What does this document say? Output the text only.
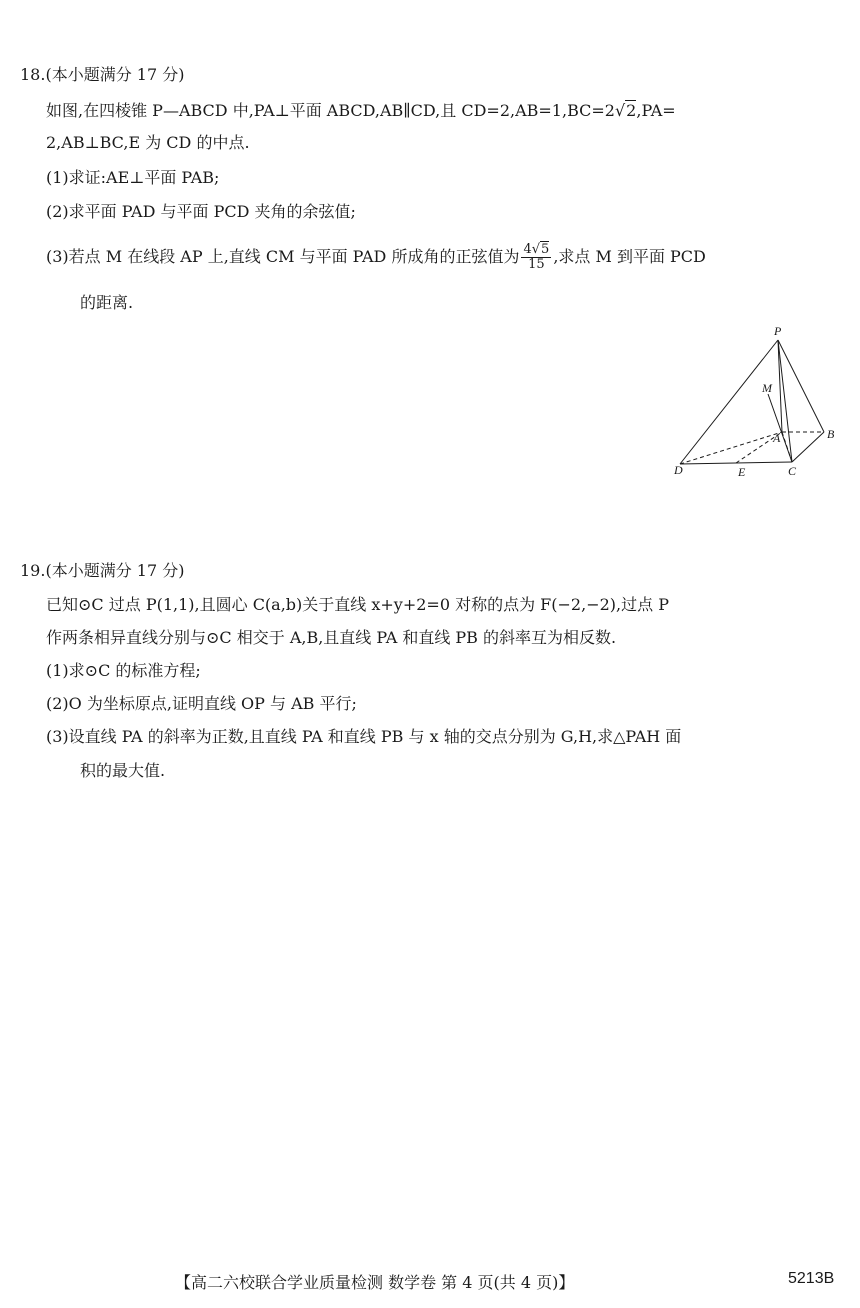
18.(本小题满分 17 分)
如图,在四棱锥 P—ABCD 中,PA⊥平面 ABCD,AB∥CD,且 CD=2,AB=1,BC=2√2,PA=
2,AB⊥BC,E 为 CD 的中点.
(1)求证:AE⊥平面 PAB;
(2)求平面 PAD 与平面 PCD 夹角的余弦值;
(3)若点 M 在线段 AP 上,直线 CM 与平面 PAD 所成角的正弦值为 $\frac{4√5}{15}$ ,求点 M 到平面 PCD
的距离.
P
M
A	B
D	E	C
19.(本小题满分 17 分)
已知⊙C 过点 P(1,1),且圆心 C(a,b)关于直线 x+y+2=0 对称的点为 F(−2,−2),过点 P
作两条相异直线分别与⊙C 相交于 A,B,且直线 PA 和直线 PB 的斜率互为相反数.
(1)求⊙C 的标准方程;
(2)O 为坐标原点,证明直线 OP 与 AB 平行;
(3)设直线 PA 的斜率为正数,且直线 PA 和直线 PB 与 x 轴的交点分别为 G,H,求△PAH 面
积的最大值.
【高二六校联合学业质量检测 数学卷 第 4 页(共 4 页)】	5213B
